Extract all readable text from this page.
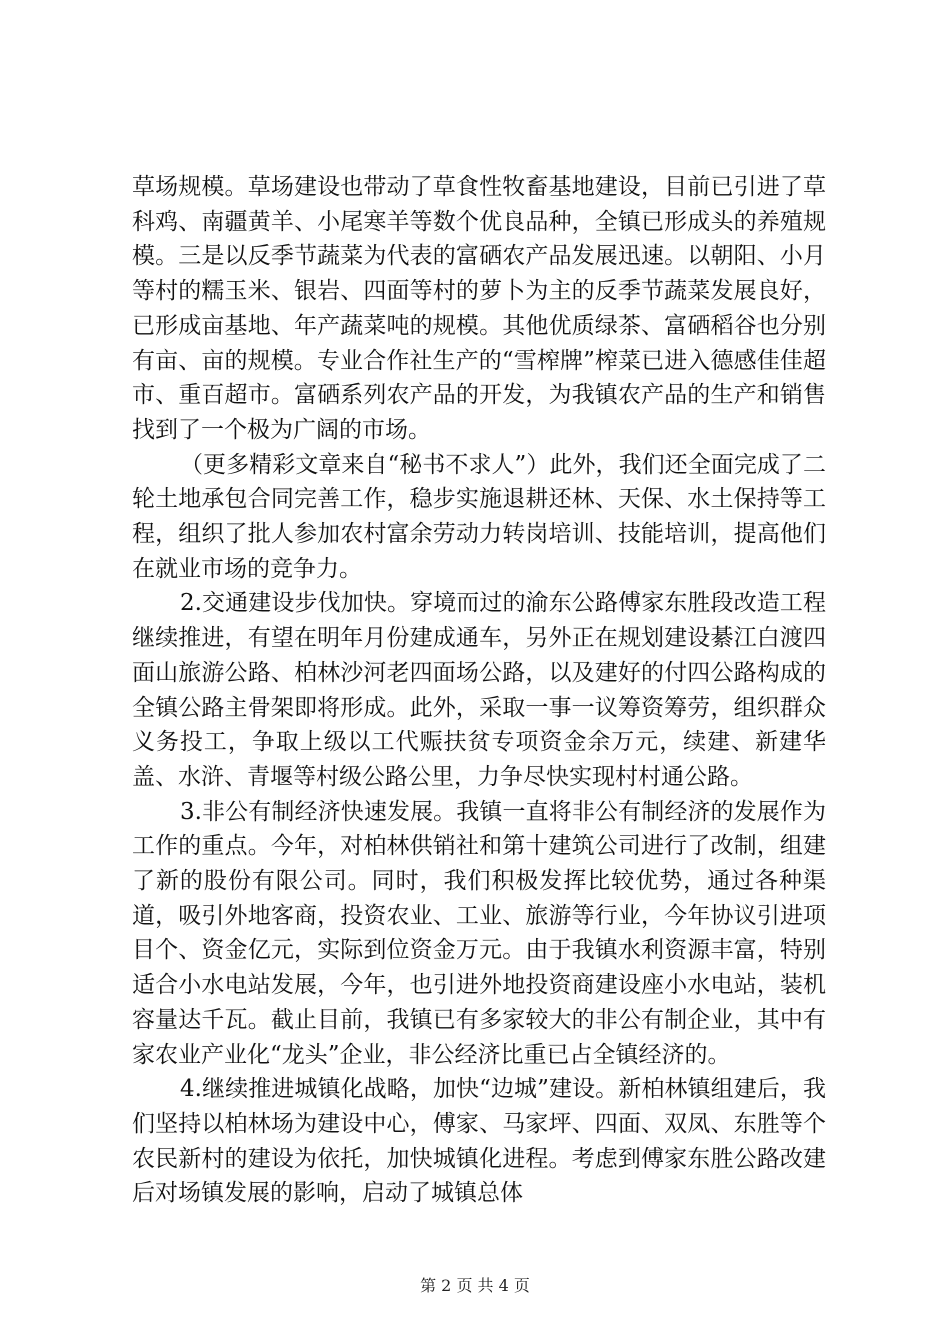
草场规模。草场建设也带动了草食性牧畜基地建设，目前已引进了草科鸡、南疆黄羊、小尾寒羊等数个优良品种，全镇已形成头的养殖规模。三是以反季节蔬菜为代表的富硒农产品发展迅速。以朝阳、小月等村的糯玉米、银岩、四面等村的萝卜为主的反季节蔬菜发展良好，已形成亩基地、年产蔬菜吨的规模。其他优质绿茶、富硒稻谷也分别有亩、亩的规模。专业合作社生产的“雪榨牌”榨菜已进入德感佳佳超市、重百超市。富硒系列农产品的开发，为我镇农产品的生产和销售找到了一个极为广阔的市场。

（更多精彩文章来自“秘书不求人”）此外，我们还全面完成了二轮土地承包合同完善工作，稳步实施退耕还林、天保、水土保持等工程，组织了批人参加农村富余劳动力转岗培训、技能培训，提高他们在就业市场的竞争力。

2.交通建设步伐加快。穿境而过的渝东公路傅家东胜段改造工程继续推进，有望在明年月份建成通车，另外正在规划建设綦江白渡四面山旅游公路、柏林沙河老四面场公路，以及建好的付四公路构成的全镇公路主骨架即将形成。此外，采取一事一议筹资筹劳，组织群众义务投工，争取上级以工代赈扶贫专项资金余万元，续建、新建华盖、水浒、青堰等村级公路公里，力争尽快实现村村通公路。

3.非公有制经济快速发展。我镇一直将非公有制经济的发展作为工作的重点。今年，对柏林供销社和第十建筑公司进行了改制，组建了新的股份有限公司。同时，我们积极发挥比较优势，通过各种渠道，吸引外地客商，投资农业、工业、旅游等行业，今年协议引进项目个、资金亿元，实际到位资金万元。由于我镇水利资源丰富，特别适合小水电站发展，今年，也引进外地投资商建设座小水电站，装机容量达千瓦。截止目前，我镇已有多家较大的非公有制企业，其中有家农业产业化“龙头”企业，非公经济比重已占全镇经济的。

4.继续推进城镇化战略，加快“边城”建设。新柏林镇组建后，我们坚持以柏林场为建设中心，傅家、马家坪、四面、双凤、东胜等个农民新村的建设为依托，加快城镇化进程。考虑到傅家东胜公路改建后对场镇发展的影响，启动了城镇总体

第 2 页 共 4 页
